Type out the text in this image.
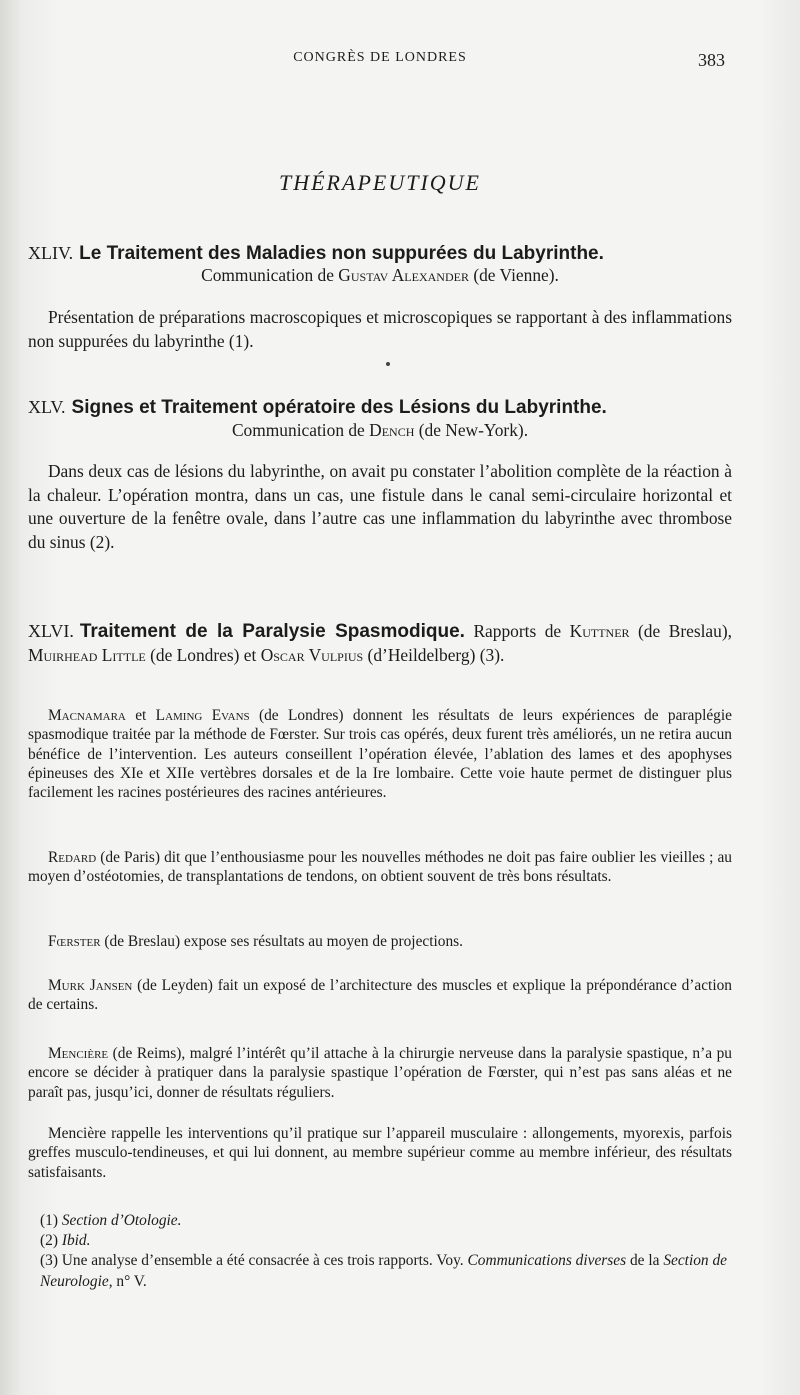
CONGRÈS DE LONDRES	383
THÉRAPEUTIQUE
XLIV. Le Traitement des Maladies non suppurées du Labyrinthe.
Communication de Gustav Alexander (de Vienne).
Présentation de préparations macroscopiques et microscopiques se rapportant à des inflammations non suppurées du labyrinthe (1).
XLV. Signes et Traitement opératoire des Lésions du Labyrinthe.
Communication de Dench (de New-York).
Dans deux cas de lésions du labyrinthe, on avait pu constater l’abolition complète de la réaction à la chaleur. L’opération montra, dans un cas, une fistule dans le canal semi-circulaire horizontal et une ouverture de la fenêtre ovale, dans l’autre cas une inflammation du labyrinthe avec thrombose du sinus (2).
XLVI. Traitement de la Paralysie Spasmodique. Rapports de Kuttner (de Breslau), Muirhead Little (de Londres) et Oscar Vulpius (d’Heildelberg) (3).
Macnamara et Laming Evans (de Londres) donnent les résultats de leurs expériences de paraplégie spasmodique traitée par la méthode de Fœrster. Sur trois cas opérés, deux furent très améliorés, un ne retira aucun bénéfice de l’intervention. Les auteurs conseillent l’opération élevée, l’ablation des lames et des apophyses épineuses des XIe et XIIe vertèbres dorsales et de la Ire lombaire. Cette voie haute permet de distinguer plus facilement les racines postérieures des racines antérieures.
Redard (de Paris) dit que l’enthousiasme pour les nouvelles méthodes ne doit pas faire oublier les vieilles ; au moyen d’ostéotomies, de transplantations de tendons, on obtient souvent de très bons résultats.
Fœrster (de Breslau) expose ses résultats au moyen de projections.
Murk Jansen (de Leyden) fait un exposé de l’architecture des muscles et explique la prépondérance d’action de certains.
Mencière (de Reims), malgré l’intérêt qu’il attache à la chirurgie nerveuse dans la paralysie spastique, n’a pu encore se décider à pratiquer dans la paralysie spastique l’opération de Fœrster, qui n’est pas sans aléas et ne paraît pas, jusqu’ici, donner de résultats réguliers.
Mencière rappelle les interventions qu’il pratique sur l’appareil musculaire : allongements, myorexis, parfois greffes musculo-tendineuses, et qui lui donnent, au membre supérieur comme au membre inférieur, des résultats satisfaisants.
(1) Section d’Otologie.
(2) Ibid.
(3) Une analyse d’ensemble a été consacrée à ces trois rapports. Voy. Communications diverses de la Section de Neurologie, n° V.
